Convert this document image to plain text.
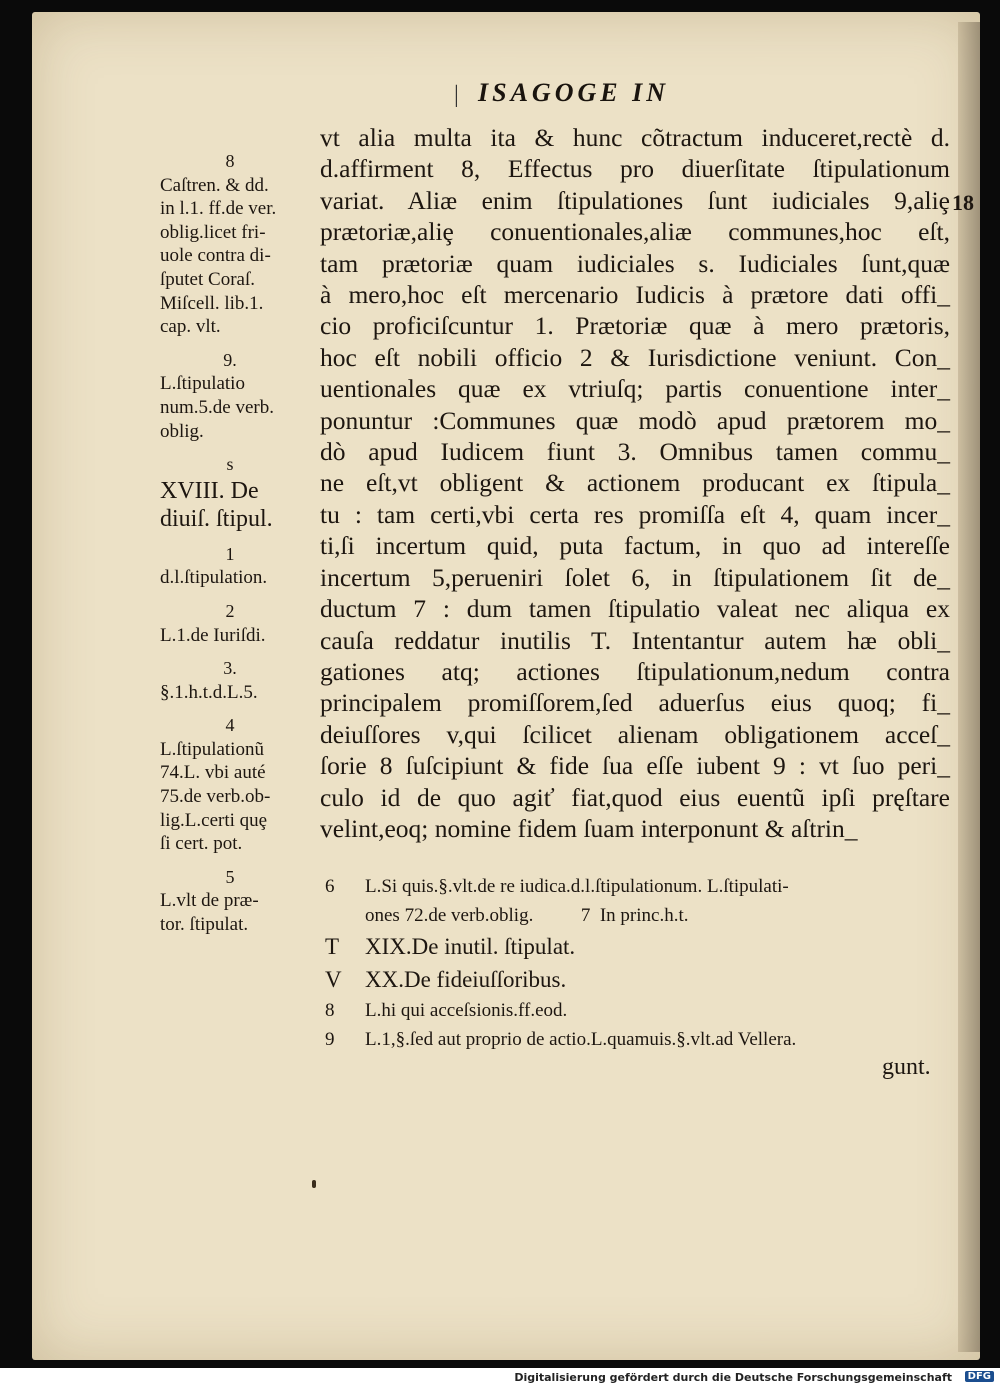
| ISAGOGE IN
18
8
Caſtren. & dd.
in l.1. ff.de ver.
oblig.licet fri-
uole contra di-
ſputet Coraſ.
Miſcell. lib.1.
cap. vlt.
9.
L.ſtipulatio
num.5.de verb.
oblig.
s
XVIII. De
diuiſ. ſtipul.
1
d.l.ſtipulation.
2
L.1.de Iuriſdi.
3.
§.1.h.t.d.L.5.
4
L.ſtipulationũ
74.L. vbi auté
75.de verb.ob-
lig.L.certi quȩ
ſi cert. pot.
5
L.vlt de præ-
tor. ſtipulat.
vt alia multa ita & hunc cõtractum induceret,rectè d.
d.affirment 8, Effectus pro diuerſitate ſtipulationum
variat. Aliæ enim ſtipulationes ſunt iudiciales 9,aliȩ
prætoriæ,aliȩ conuentionales,aliæ communes,hoc eſt,
tam prætoriæ quam iudiciales s. Iudiciales ſunt,quæ
à mero,hoc eſt mercenario Iudicis à prætore dati offi_
cio proficiſcuntur 1. Prætoriæ quæ à mero prætoris,
hoc eſt nobili officio 2 & Iurisdictione veniunt. Con_
uentionales quæ ex vtriuſq; partis conuentione inter_
ponuntur :Communes quæ modò apud prætorem mo_
dò apud Iudicem fiunt 3. Omnibus tamen commu_
ne eſt,vt obligent & actionem producant ex ſtipula_
tu : tam certi,vbi certa res promiſſa eſt 4, quam incer_
ti,ſi incertum quid, puta factum, in quo ad intereſſe
incertum 5,perueniri ſolet 6, in ſtipulationem ſit de_
ductum 7 : dum tamen ſtipulatio valeat nec aliqua ex
cauſa reddatur inutilis T. Intentantur autem hæ obli_
gationes atq; actiones ſtipulationum,nedum contra
principalem promiſſorem,ſed aduerſus eius quoq; fi_
deiuſſores v,qui ſcilicet alienam obligationem acceſ_
ſorie 8 ſuſcipiunt & fide ſua eſſe iubent 9 : vt ſuo peri_
culo id de quo agiť fiat,quod eius euentũ ipſi pręſtare
velint,eoq; nomine fidem ſuam interponunt & aſtrin_
6	L.Si quis.§.vlt.de re iudica.d.l.ſtipulationum. L.ſtipulati-
ones 72.de verb.oblig.          7  In princ.h.t.
T	XIX.De inutil. ſtipulat.
V	XX.De fideiuſſoribus.
8	L.hi qui acceſsionis.ff.eod.
9	L.1,§.ſed aut proprio de actio.L.quamuis.§.vlt.ad Vellera.
gunt.
Digitalisierung gefördert durch die Deutsche Forschungsgemeinschaft	DFG
